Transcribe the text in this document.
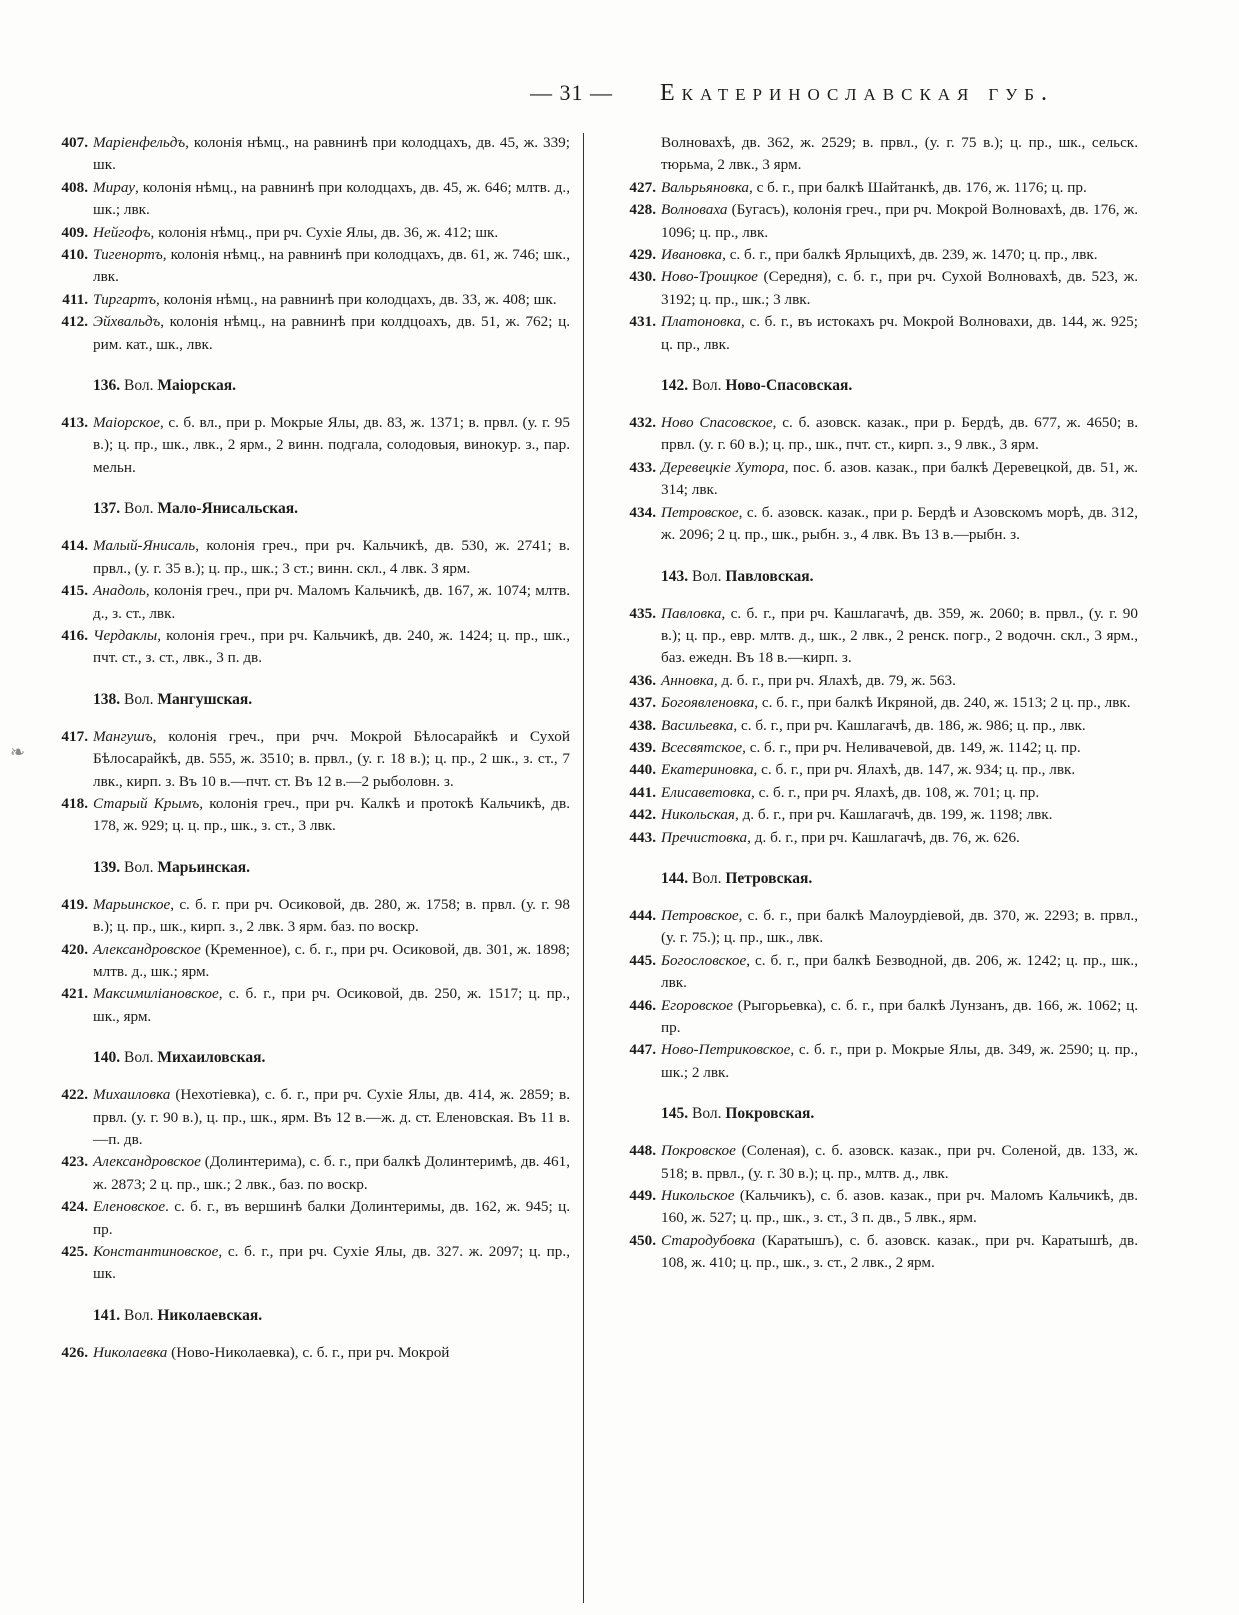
— 31 — Екатеринославская губ.
❧

407. Маріенфельдъ, колонія нѣмц., на равнинѣ при колодцахъ, дв. 45, ж. 339; шк.

408. Мирау, колонія нѣмц., на равнинѣ при колодцахъ, дв. 45, ж. 646; млтв. д., шк.; лвк.

409. Нейгофъ, колонія нѣмц., при рч. Сухіе Ялы, дв. 36, ж. 412; шк.

410. Тигенортъ, колонія нѣмц., на равнинѣ при колодцахъ, дв. 61, ж. 746; шк., лвк.

411. Тиргартъ, колонія нѣмц., на равнинѣ при колодцахъ, дв. 33, ж. 408; шк.

412. Эйхвальдъ, колонія нѣмц., на равнинѣ при колдцоахъ, дв. 51, ж. 762; ц. рим. кат., шк., лвк.

136. Вол. Маіорская.

413. Маіорское, с. б. вл., при р. Мокрые Ялы, дв. 83, ж. 1371; в. првл. (у. г. 95 в.); ц. пр., шк., лвк., 2 ярм., 2 винн. подгала, солодовыя, винокур. з., пар. мельн.

137. Вол. Мало-Янисальская.

414. Малый-Янисаль, колонія греч., при рч. Кальчикѣ, дв. 530, ж. 2741; в. првл., (у. г. 35 в.); ц. пр., шк.; 3 ст.; винн. скл., 4 лвк. 3 ярм.

415. Анадоль, колонія греч., при рч. Маломъ Кальчикѣ, дв. 167, ж. 1074; млтв. д., з. ст., лвк.

416. Чердаклы, колонія греч., при рч. Кальчикѣ, дв. 240, ж. 1424; ц. пр., шк., пчт. ст., з. ст., лвк., 3 п. дв.

138. Вол. Мангушская.

417. Мангушъ, колонія греч., при рчч. Мокрой Бѣлосарайкѣ и Сухой Бѣлосарайкѣ, дв. 555, ж. 3510; в. првл., (у. г. 18 в.); ц. пр., 2 шк., з. ст., 7 лвк., кирп. з. Въ 10 в.—пчт. ст. Въ 12 в.—2 рыболовн. з.

418. Старый Крымъ, колонія греч., при рч. Калкѣ и протокѣ Кальчикѣ, дв. 178, ж. 929; ц. ц. пр., шк., з. ст., 3 лвк.

139. Вол. Марьинская.

419. Марьинское, с. б. г. при рч. Осиковой, дв. 280, ж. 1758; в. првл. (у. г. 98 в.); ц. пр., шк., кирп. з., 2 лвк. 3 ярм. баз. по воскр.

420. Александровское (Кременное), с. б. г., при рч. Осиковой, дв. 301, ж. 1898; млтв. д., шк.; ярм.

421. Максимиліановское, с. б. г., при рч. Осиковой, дв. 250, ж. 1517; ц. пр., шк., ярм.

140. Вол. Михаиловская.

422. Михаиловка (Нехотіевка), с. б. г., при рч. Сухіе Ялы, дв. 414, ж. 2859; в. првл. (у. г. 90 в.), ц. пр., шк., ярм. Въ 12 в.—ж. д. ст. Еленовская. Въ 11 в.—п. дв.

423. Александровское (Долинтерима), с. б. г., при балкѣ Долинтеримѣ, дв. 461, ж. 2873; 2 ц. пр., шк.; 2 лвк., баз. по воскр.

424. Еленовское. с. б. г., въ вершинѣ балки Долинтеримы, дв. 162, ж. 945; ц. пр.

425. Константиновское, с. б. г., при рч. Сухіе Ялы, дв. 327. ж. 2097; ц. пр., шк.

141. Вол. Николаевская.

426. Николаевка (Ново-Николаевка), с. б. г., при рч. Мокрой

Волновахѣ, дв. 362, ж. 2529; в. првл., (у. г. 75 в.); ц. пр., шк., сельск. тюрьма, 2 лвк., 3 ярм.

427. Вальрьяновка, с б. г., при балкѣ Шайтанкѣ, дв. 176, ж. 1176; ц. пр.

428. Волноваха (Бугасъ), колонія греч., при рч. Мокрой Волновахѣ, дв. 176, ж. 1096; ц. пр., лвк.

429. Ивановка, с. б. г., при балкѣ Ярлыцихѣ, дв. 239, ж. 1470; ц. пр., лвк.

430. Ново-Троицкое (Середня), с. б. г., при рч. Сухой Волновахѣ, дв. 523, ж. 3192; ц. пр., шк.; 3 лвк.

431. Платоновка, с. б. г., въ истокахъ рч. Мокрой Волновахи, дв. 144, ж. 925; ц. пр., лвк.

142. Вол. Ново-Спасовская.

432. Ново Спасовское, с. б. азовск. казак., при р. Бердѣ, дв. 677, ж. 4650; в. првл. (у. г. 60 в.); ц. пр., шк., пчт. ст., кирп. з., 9 лвк., 3 ярм.

433. Деревецкіе Хутора, пос. б. азов. казак., при балкѣ Деревецкой, дв. 51, ж. 314; лвк.

434. Петровское, с. б. азовск. казак., при р. Бердѣ и Азовскомъ морѣ, дв. 312, ж. 2096; 2 ц. пр., шк., рыбн. з., 4 лвк. Въ 13 в.—рыбн. з.

143. Вол. Павловская.

435. Павловка, с. б. г., при рч. Кашлагачѣ, дв. 359, ж. 2060; в. првл., (у. г. 90 в.); ц. пр., евр. млтв. д., шк., 2 лвк., 2 ренск. погр., 2 водочн. скл., 3 ярм., баз. ежедн. Въ 18 в.—кирп. з.

436. Анновка, д. б. г., при рч. Ялахѣ, дв. 79, ж. 563.

437. Богоявленовка, с. б. г., при балкѣ Икряной, дв. 240, ж. 1513; 2 ц. пр., лвк.

438. Васильевка, с. б. г., при рч. Кашлагачѣ, дв. 186, ж. 986; ц. пр., лвк.

439. Всесвятское, с. б. г., при рч. Неливачевой, дв. 149, ж. 1142; ц. пр.

440. Екатериновка, с. б. г., при рч. Ялахѣ, дв. 147, ж. 934; ц. пр., лвк.

441. Елисаветовка, с. б. г., при рч. Ялахѣ, дв. 108, ж. 701; ц. пр.

442. Никольская, д. б. г., при рч. Кашлагачѣ, дв. 199, ж. 1198; лвк.

443. Пречистовка, д. б. г., при рч. Кашлагачѣ, дв. 76, ж. 626.

144. Вол. Петровская.

444. Петровское, с. б. г., при балкѣ Малоурдіевой, дв. 370, ж. 2293; в. првл., (у. г. 75.); ц. пр., шк., лвк.

445. Богословское, с. б. г., при балкѣ Безводной, дв. 206, ж. 1242; ц. пр., шк., лвк.

446. Егоровское (Рыгорьевка), с. б. г., при балкѣ Лунзанъ, дв. 166, ж. 1062; ц. пр.

447. Ново-Петриковское, с. б. г., при р. Мокрые Ялы, дв. 349, ж. 2590; ц. пр., шк.; 2 лвк.

145. Вол. Покровская.

448. Покровское (Соленая), с. б. азовск. казак., при рч. Соленой, дв. 133, ж. 518; в. првл., (у. г. 30 в.); ц. пр., млтв. д., лвк.

449. Никольское (Кальчикъ), с. б. азов. казак., при рч. Маломъ Кальчикѣ, дв. 160, ж. 527; ц. пр., шк., з. ст., 3 п. дв., 5 лвк., ярм.

450. Стародубовка (Каратышъ), с. б. азовск. казак., при рч. Каратышѣ, дв. 108, ж. 410; ц. пр., шк., з. ст., 2 лвк., 2 ярм.
